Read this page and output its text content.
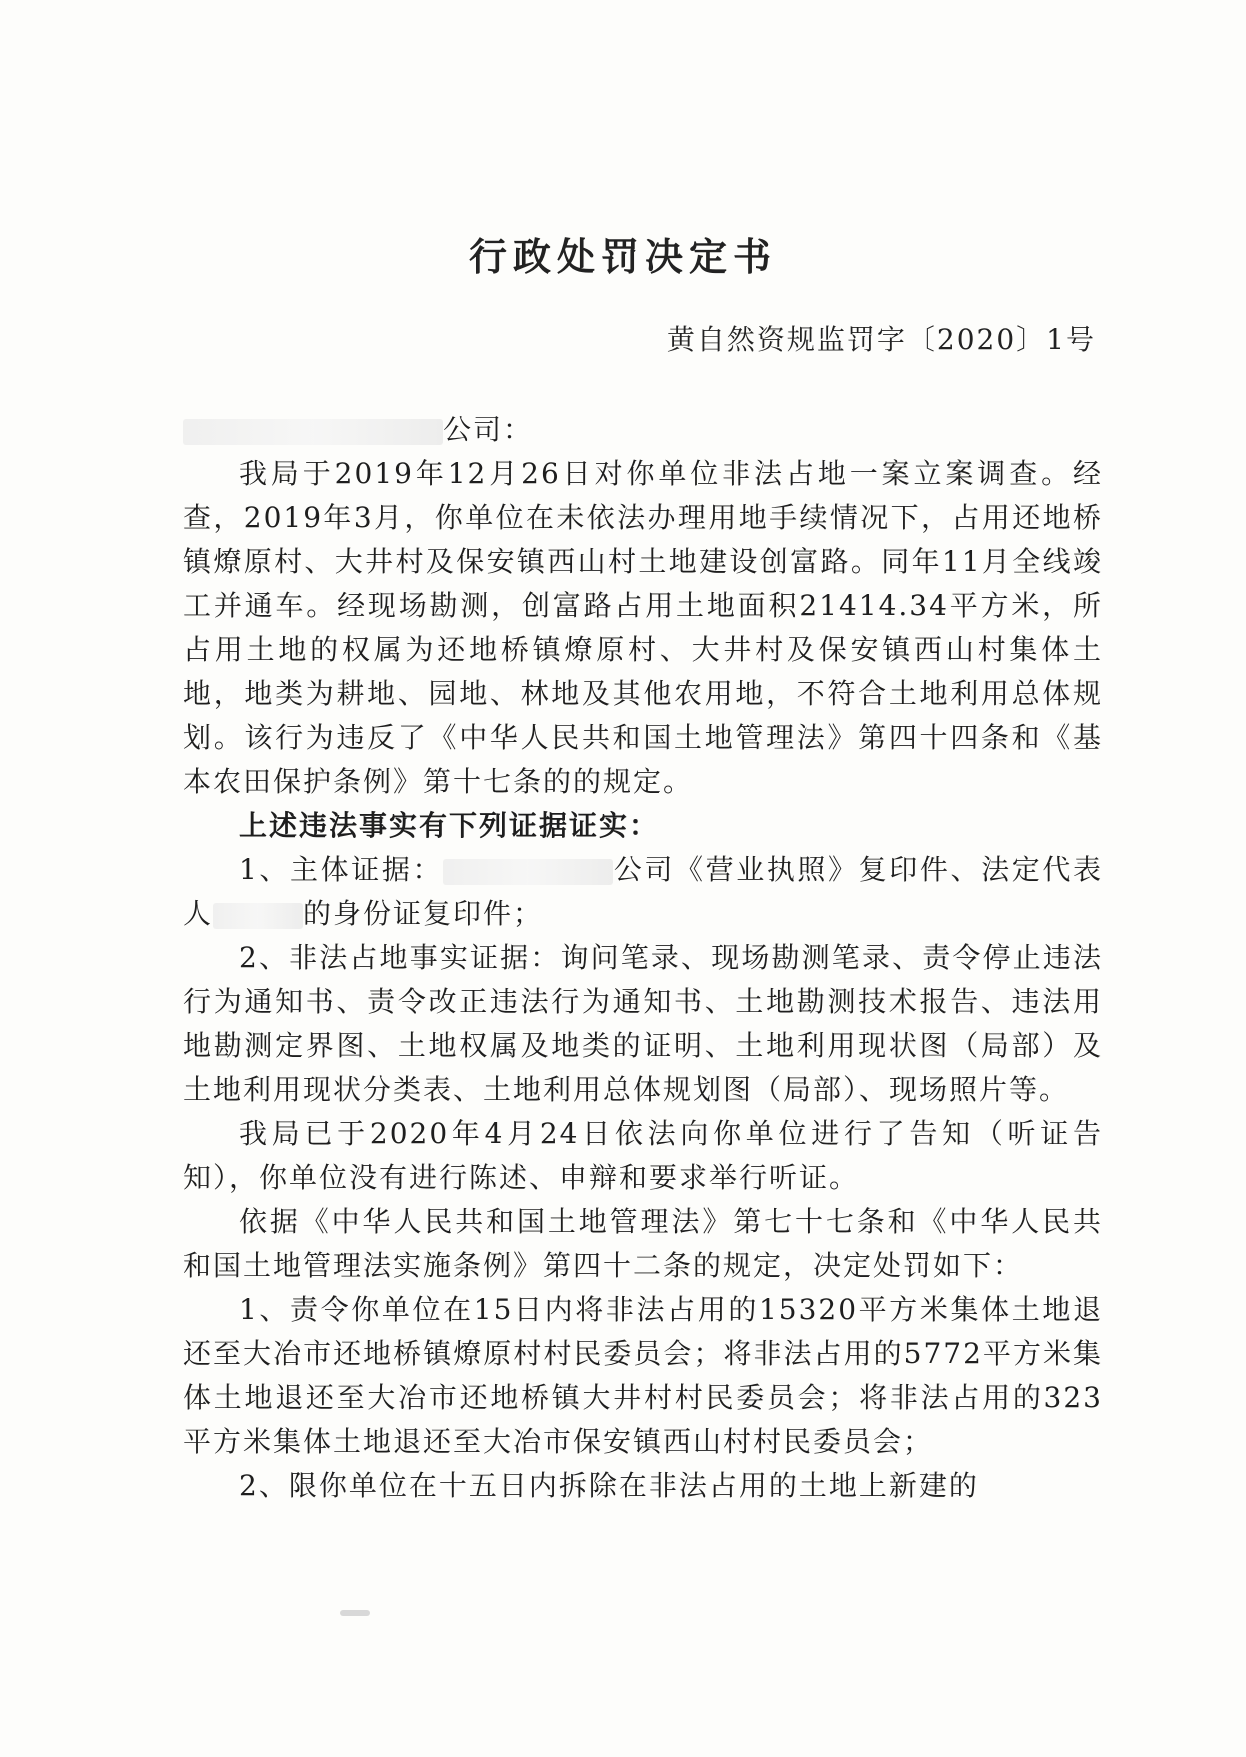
行政处罚决定书
黄自然资规监罚字〔2020〕1号

公司：

我局于2019年12月26日对你单位非法占地一案立案调查。经查，2019年3月，你单位在未依法办理用地手续情况下，占用还地桥镇燎原村、大井村及保安镇西山村土地建设创富路。同年11月全线竣工并通车。经现场勘测，创富路占用土地面积21414.34平方米，所占用土地的权属为还地桥镇燎原村、大井村及保安镇西山村集体土地，地类为耕地、园地、林地及其他农用地，不符合土地利用总体规划。该行为违反了《中华人民共和国土地管理法》第四十四条和《基本农田保护条例》第十七条的的规定。

上述违法事实有下列证据证实：

1、主体证据：	公司《营业执照》复印件、法定代表人	的身份证复印件；

2、非法占地事实证据：询问笔录、现场勘测笔录、责令停止违法行为通知书、责令改正违法行为通知书、土地勘测技术报告、违法用地勘测定界图、土地权属及地类的证明、土地利用现状图（局部）及土地利用现状分类表、土地利用总体规划图（局部）、现场照片等。

我局已于2020年4月24日依法向你单位进行了告知（听证告知），你单位没有进行陈述、申辩和要求举行听证。

依据《中华人民共和国土地管理法》第七十七条和《中华人民共和国土地管理法实施条例》第四十二条的规定，决定处罚如下：

1、责令你单位在15日内将非法占用的15320平方米集体土地退还至大冶市还地桥镇燎原村村民委员会；将非法占用的5772平方米集体土地退还至大冶市还地桥镇大井村村民委员会；将非法占用的323平方米集体土地退还至大冶市保安镇西山村村民委员会；

2、限你单位在十五日内拆除在非法占用的土地上新建的
